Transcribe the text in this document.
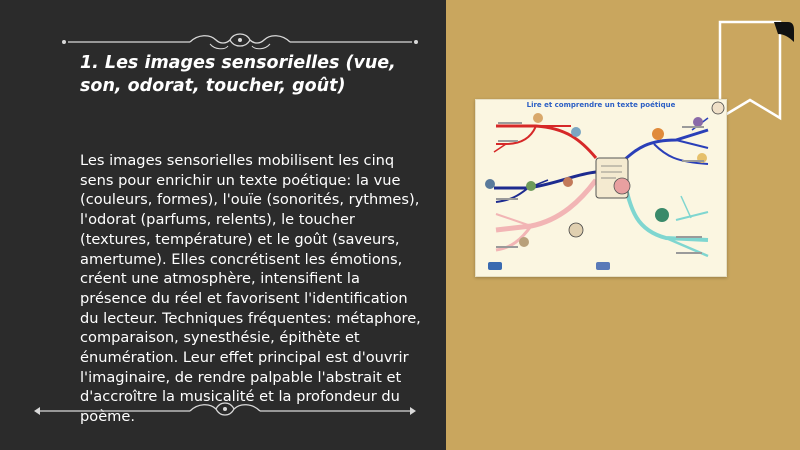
1. Les images sensorielles (vue, son, odorat, toucher, goût)

Les images sensorielles mobilisent les cinq sens pour enrichir un texte poétique: la vue (couleurs, formes), l'ouïe (sonorités, rythmes), l'odorat (parfums, relents), le toucher (textures, température) et le goût (saveurs, amertume). Elles concrétisent les émotions, créent une atmosphère, intensifient la présence du réel et favorisent l'identification du lecteur. Techniques fréquentes: métaphore, comparaison, synesthésie, épithète et énumération. Leur effet principal est d'ouvrir l'imaginaire, de rendre palpable l'abstrait et d'accroître la musicalité et la profondeur du poème.

Lire et comprendre un texte poétique
